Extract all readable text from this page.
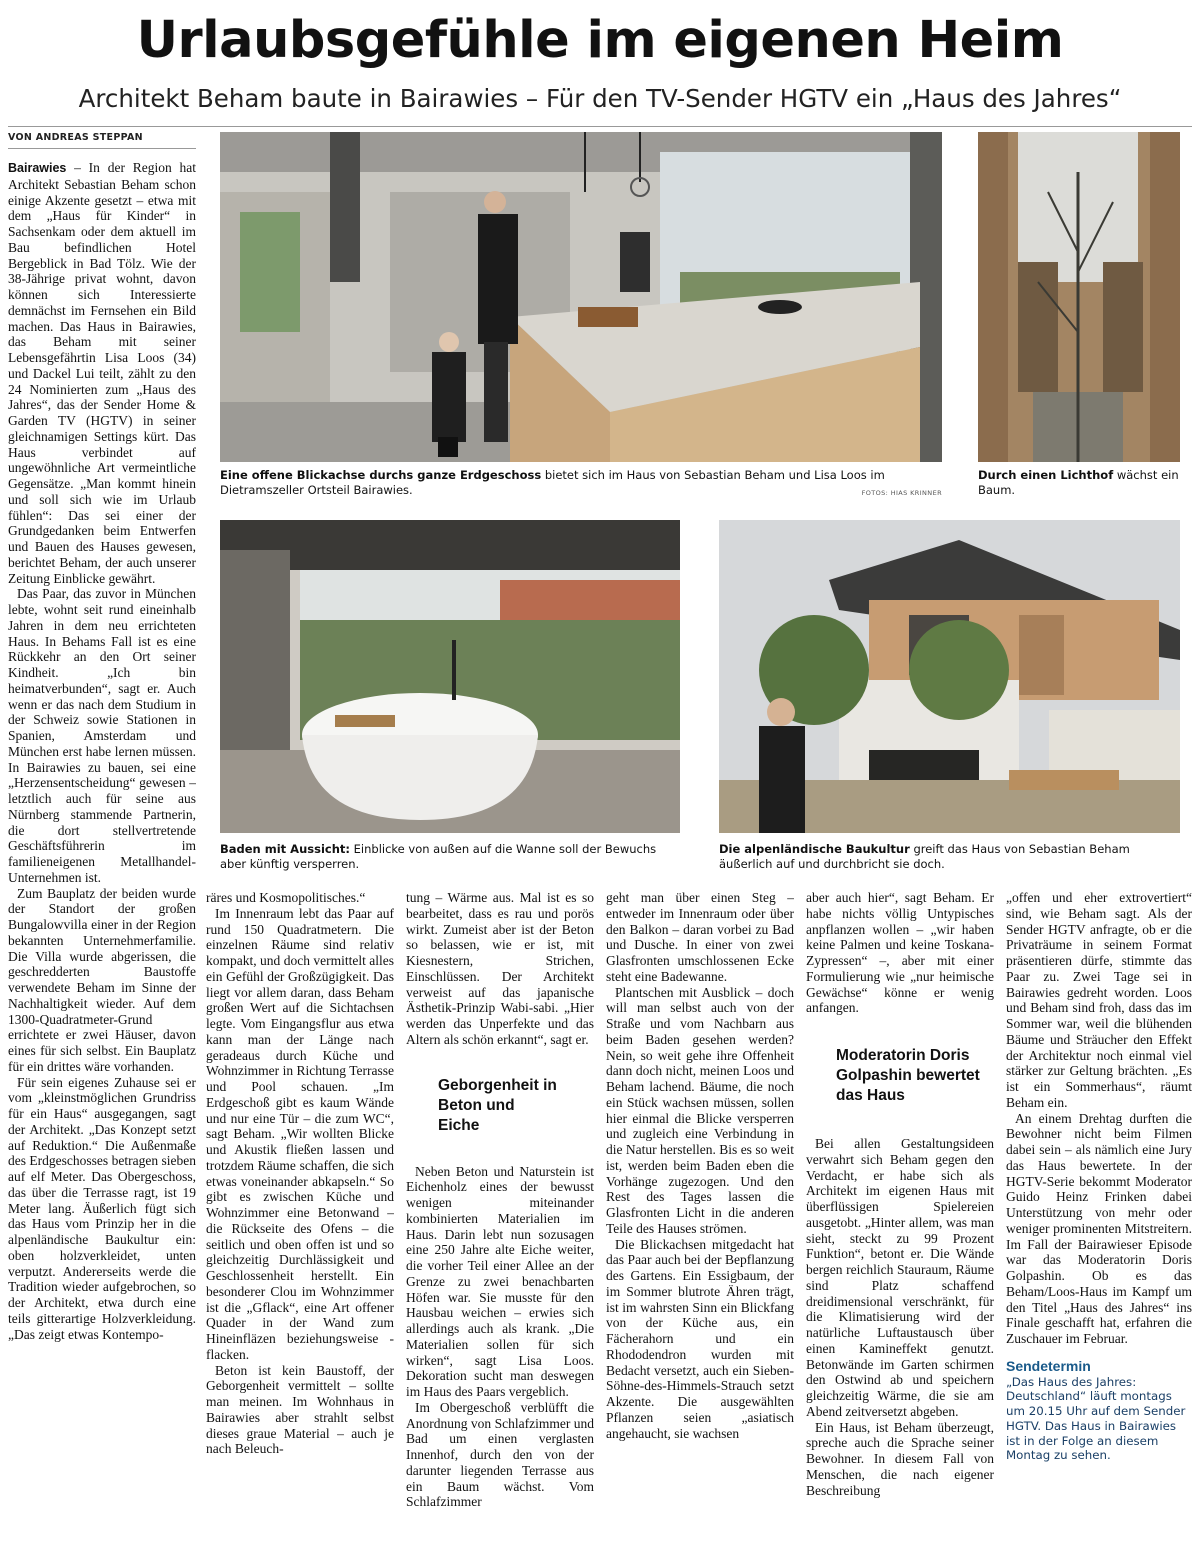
Urlaubsgefühle im eigenen Heim
Architekt Beham baute in Bairawies – Für den TV-Sender HGTV ein „Haus des Jahres“
VON ANDREAS STEPPAN
Eine offene Blickachse durchs ganze Erdgeschoss bietet sich im Haus von Sebastian Beham und Lisa Loos im Dietramszeller Ortsteil Bairawies.	FOTOS: HIAS KRINNER
Durch einen Lichthof wächst ein Baum.
Baden mit Aussicht: Einblicke von außen auf die Wanne soll der Bewuchs aber künftig versperren.
Die alpenländische Baukultur greift das Haus von Sebastian Beham äußerlich auf und durchbricht sie doch.

Bairawies – In der Region hat Architekt Sebastian Beham schon einige Akzente gesetzt – etwa mit dem „Haus für Kinder“ in Sachsenkam oder dem aktuell im Bau befindlichen Hotel Bergeblick in Bad Tölz. Wie der 38-Jährige privat wohnt, davon können sich Interessierte demnächst im Fernsehen ein Bild machen. Das Haus in Bairawies, das Beham mit seiner Lebensgefährtin Lisa Loos (34) und Dackel Lui teilt, zählt zu den 24 Nominierten zum „Haus des Jahres“, das der Sender Home & Garden TV (HGTV) in seiner gleichnamigen Settings kürt. Das Haus verbindet auf ungewöhnliche Art vermeintliche Gegensätze. „Man kommt hinein und soll sich wie im Urlaub fühlen“: Das sei einer der Grundgedanken beim Entwerfen und Bauen des Hauses gewesen, berichtet Beham, der auch unserer Zeitung Einblicke gewährt.

Das Paar, das zuvor in München lebte, wohnt seit rund eineinhalb Jahren in dem neu errichteten Haus. In Behams Fall ist es eine Rückkehr an den Ort seiner Kindheit. „Ich bin heimatverbunden“, sagt er. Auch wenn er das nach dem Studium in der Schweiz sowie Stationen in Spanien, Amsterdam und München erst habe lernen müssen. In Bairawies zu bauen, sei eine „Herzensentscheidung“ gewesen – letztlich auch für seine aus Nürnberg stammende Partnerin, die dort stellvertretende Geschäftsführerin im familieneigenen Metallhandel-Unternehmen ist.

Zum Bauplatz der beiden wurde der Standort der großen Bungalowvilla einer in der Region bekannten Unternehmerfamilie. Die Villa wurde abgerissen, die geschredderten Baustoffe verwendete Beham im Sinne der Nachhaltigkeit wieder. Auf dem 1300-Quadratmeter-Grund errichtete er zwei Häuser, davon eines für sich selbst. Ein Bauplatz für ein drittes wäre vorhanden.

Für sein eigenes Zuhause sei er vom „kleinstmöglichen Grundriss für ein Haus“ ausgegangen, sagt der Architekt. „Das Konzept setzt auf Reduktion.“ Die Außenmaße des Erdgeschosses betragen sieben auf elf Meter. Das Obergeschoss, das über die Terrasse ragt, ist 19 Meter lang. Äußerlich fügt sich das Haus vom Prinzip her in die alpenländische Baukultur ein: oben holzverkleidet, unten verputzt. Andererseits werde die Tradition wieder aufgebrochen, so der Architekt, etwa durch eine teils gitterartige Holzverkleidung. „Das zeigt etwas Kontempo-

räres und Kosmopolitisches.“

Im Innenraum lebt das Paar auf rund 150 Quadratmetern. Die einzelnen Räume sind relativ kompakt, und doch vermittelt alles ein Gefühl der Großzügigkeit. Das liegt vor allem daran, dass Beham großen Wert auf die Sichtachsen legte. Vom Eingangsflur aus etwa kann man der Länge nach geradeaus durch Küche und Wohnzimmer in Richtung Terrasse und Pool schauen. „Im Erdgeschoß gibt es kaum Wände und nur eine Tür – die zum WC“, sagt Beham. „Wir wollten Blicke und Akustik fließen lassen und trotzdem Räume schaffen, die sich etwas voneinander abkapseln.“ So gibt es zwischen Küche und Wohnzimmer eine Betonwand – die Rückseite des Ofens – die seitlich und oben offen ist und so gleichzeitig Durchlässigkeit und Geschlossenheit herstellt. Ein besonderer Clou im Wohnzimmer ist die „Gflack“, eine Art offener Quader in der Wand zum Hineinfläzen beziehungsweise -flacken.

Beton ist kein Baustoff, der Geborgenheit vermittelt – sollte man meinen. Im Wohnhaus in Bairawies aber strahlt selbst dieses graue Material – auch je nach Beleuch-

tung – Wärme aus. Mal ist es so bearbeitet, dass es rau und porös wirkt. Zumeist aber ist der Beton so belassen, wie er ist, mit Kiesnestern, Strichen, Einschlüssen. Der Architekt verweist auf das japanische Ästhetik-Prinzip Wabi-sabi. „Hier werden das Unperfekte und das Altern als schön erkannt“, sagt er.

Geborgenheit in Beton und Eiche

Neben Beton und Naturstein ist Eichenholz eines der bewusst wenigen miteinander kombinierten Materialien im Haus. Darin lebt nun sozusagen eine 250 Jahre alte Eiche weiter, die vorher Teil einer Allee an der Grenze zu zwei benachbarten Höfen war. Sie musste für den Hausbau weichen – erwies sich allerdings auch als krank. „Die Materialien sollen für sich wirken“, sagt Lisa Loos. Dekoration sucht man deswegen im Haus des Paars vergeblich.

Im Obergeschoß verblüfft die Anordnung von Schlafzimmer und Bad um einen verglasten Innenhof, durch den von der darunter liegenden Terrasse aus ein Baum wächst. Vom Schlafzimmer

geht man über einen Steg – entweder im Innenraum oder über den Balkon – daran vorbei zu Bad und Dusche. In einer von zwei Glasfronten umschlossenen Ecke steht eine Badewanne.

Plantschen mit Ausblick – doch will man selbst auch von der Straße und vom Nachbarn aus beim Baden gesehen werden? Nein, so weit gehe ihre Offenheit dann doch nicht, meinen Loos und Beham lachend. Bäume, die noch ein Stück wachsen müssen, sollen hier einmal die Blicke versperren und zugleich eine Verbindung in die Natur herstellen. Bis es so weit ist, werden beim Baden eben die Vorhänge zugezogen. Und den Rest des Tages lassen die Glasfronten Licht in die anderen Teile des Hauses strömen.

Die Blickachsen mitgedacht hat das Paar auch bei der Bepflanzung des Gartens. Ein Essigbaum, der im Sommer blutrote Ähren trägt, ist im wahrsten Sinn ein Blickfang von der Küche aus, ein Fächerahorn und ein Rhododendron wurden mit Bedacht versetzt, auch ein Sieben-Söhne-des-Himmels-Strauch setzt Akzente. Die ausgewählten Pflanzen seien „asiatisch angehaucht, sie wachsen

aber auch hier“, sagt Beham. Er habe nichts völlig Untypisches anpflanzen wollen – „wir haben keine Palmen und keine Toskana-Zypressen“ –, aber mit einer Formulierung wie „nur heimische Gewächse“ könne er wenig anfangen.

Moderatorin Doris Golpashin bewertet das Haus

Bei allen Gestaltungsideen verwahrt sich Beham gegen den Verdacht, er habe sich als Architekt im eigenen Haus mit überflüssigen Spielereien ausgetobt. „Hinter allem, was man sieht, steckt zu 99 Prozent Funktion“, betont er. Die Wände bergen reichlich Stauraum, Räume sind Platz schaffend dreidimensional verschränkt, für die Klimatisierung wird der natürliche Luftaustausch über einen Kamineffekt genutzt. Betonwände im Garten schirmen den Ostwind ab und speichern gleichzeitig Wärme, die sie am Abend zeitversetzt abgeben.

Ein Haus, ist Beham überzeugt, spreche auch die Sprache seiner Bewohner. In diesem Fall von Menschen, die nach eigener Beschreibung

„offen und eher extrovertiert“ sind, wie Beham sagt. Als der Sender HGTV anfragte, ob er die Privaträume in seinem Format präsentieren dürfe, stimmte das Paar zu. Zwei Tage sei in Bairawies gedreht worden. Loos und Beham sind froh, dass das im Sommer war, weil die blühenden Bäume und Sträucher den Effekt der Architektur noch einmal viel stärker zur Geltung brächten. „Es ist ein Sommerhaus“, räumt Beham ein.

An einem Drehtag durften die Bewohner nicht beim Filmen dabei sein – als nämlich eine Jury das Haus bewertete. In der HGTV-Serie bekommt Moderator Guido Heinz Frinken dabei Unterstützung von mehr oder weniger prominenten Mitstreitern. Im Fall der Bairawieser Episode war das Moderatorin Doris Golpashin. Ob es das Beham/Loos-Haus im Kampf um den Titel „Haus des Jahres“ ins Finale geschafft hat, erfahren die Zuschauer im Februar.

Sendetermin
„Das Haus des Jahres: Deutschland“ läuft montags um 20.15 Uhr auf dem Sender HGTV. Das Haus in Bairawies ist in der Folge an diesem Montag zu sehen.
